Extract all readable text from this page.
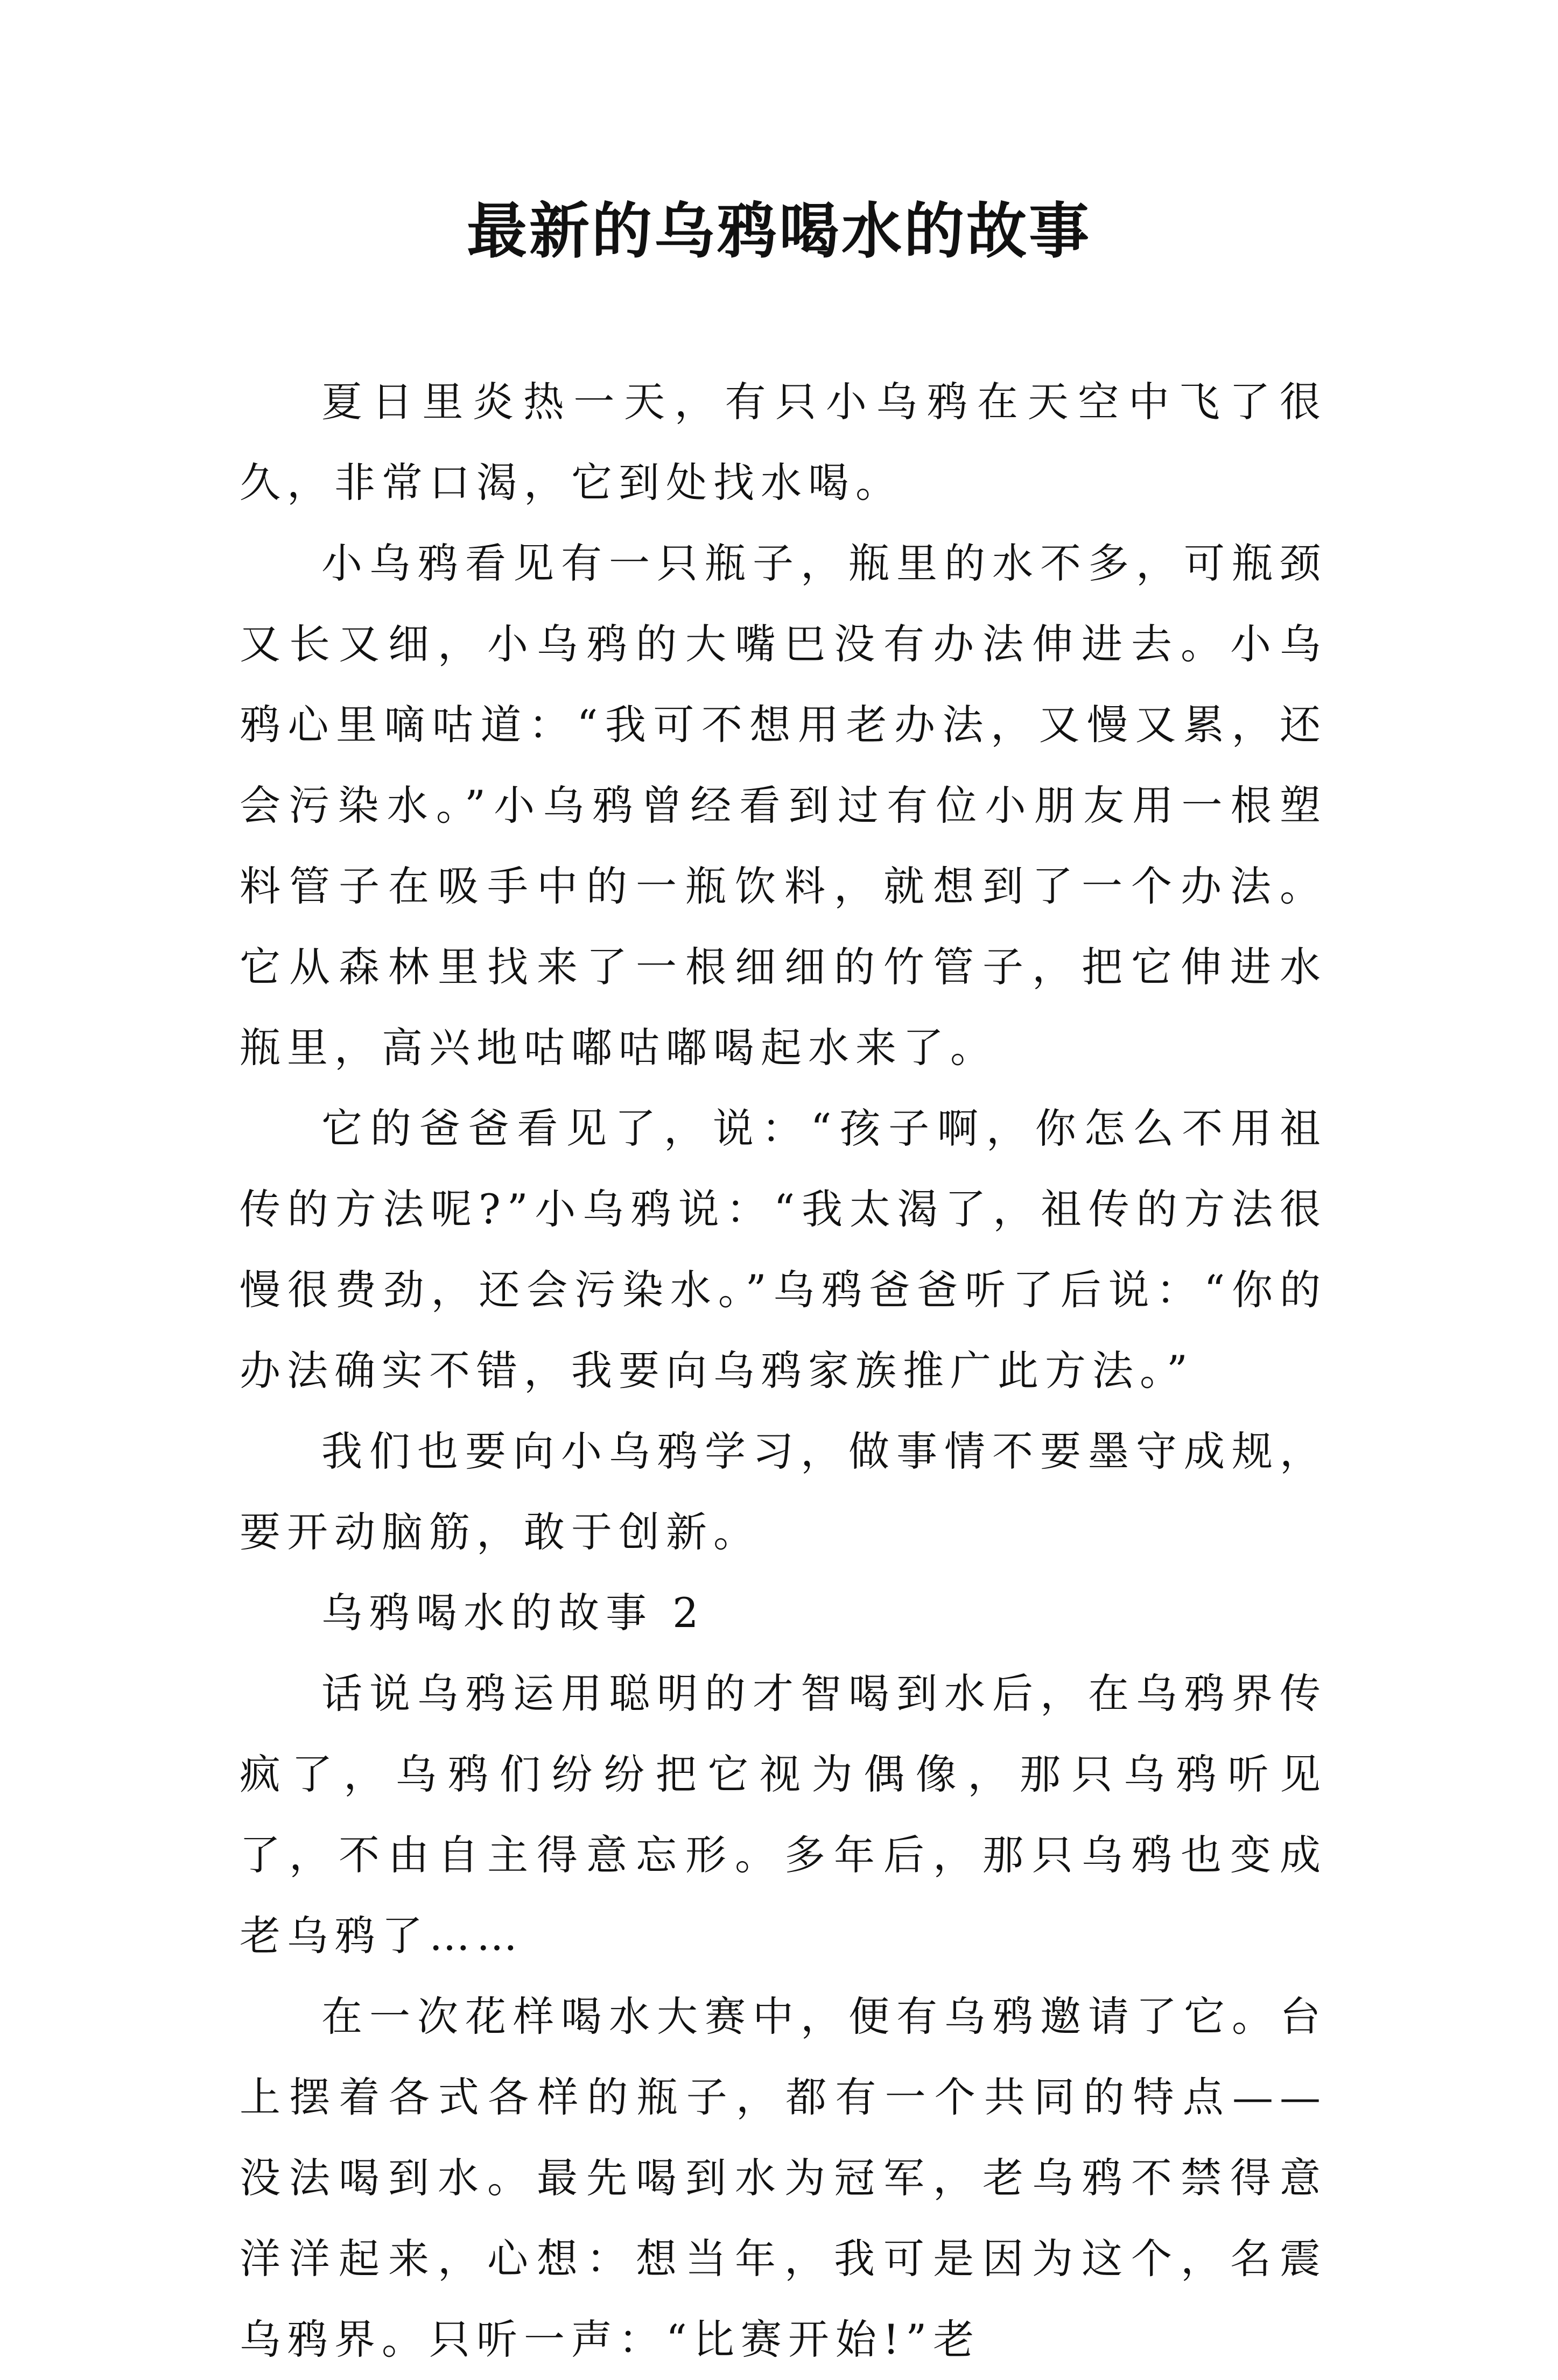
最新的乌鸦喝水的故事

夏日里炎热一天，有只小乌鸦在天空中飞了很久，非常口渴，它到处找水喝。

小乌鸦看见有一只瓶子，瓶里的水不多，可瓶颈又长又细，小乌鸦的大嘴巴没有办法伸进去。小乌鸦心里嘀咕道：“我可不想用老办法，又慢又累，还会污染水。”小乌鸦曾经看到过有位小朋友用一根塑料管子在吸手中的一瓶饮料，就想到了一个办法。它从森林里找来了一根细细的竹管子，把它伸进水瓶里，高兴地咕嘟咕嘟喝起水来了。

它的爸爸看见了，说：“孩子啊，你怎么不用祖传的方法呢?”小乌鸦说：“我太渴了，祖传的方法很慢很费劲，还会污染水。”乌鸦爸爸听了后说：“你的办法确实不错，我要向乌鸦家族推广此方法。”

我们也要向小乌鸦学习，做事情不要墨守成规，要开动脑筋，敢于创新。

乌鸦喝水的故事 2

话说乌鸦运用聪明的才智喝到水后，在乌鸦界传疯了，乌鸦们纷纷把它视为偶像，那只乌鸦听见了，不由自主得意忘形。多年后，那只乌鸦也变成老乌鸦了……

在一次花样喝水大赛中，便有乌鸦邀请了它。台上摆着各式各样的瓶子，都有一个共同的特点——没法喝到水。最先喝到水为冠军，老乌鸦不禁得意洋洋起来，心想：想当年，我可是因为这个，名震乌鸦界。只听一声：“比赛开始!”老
